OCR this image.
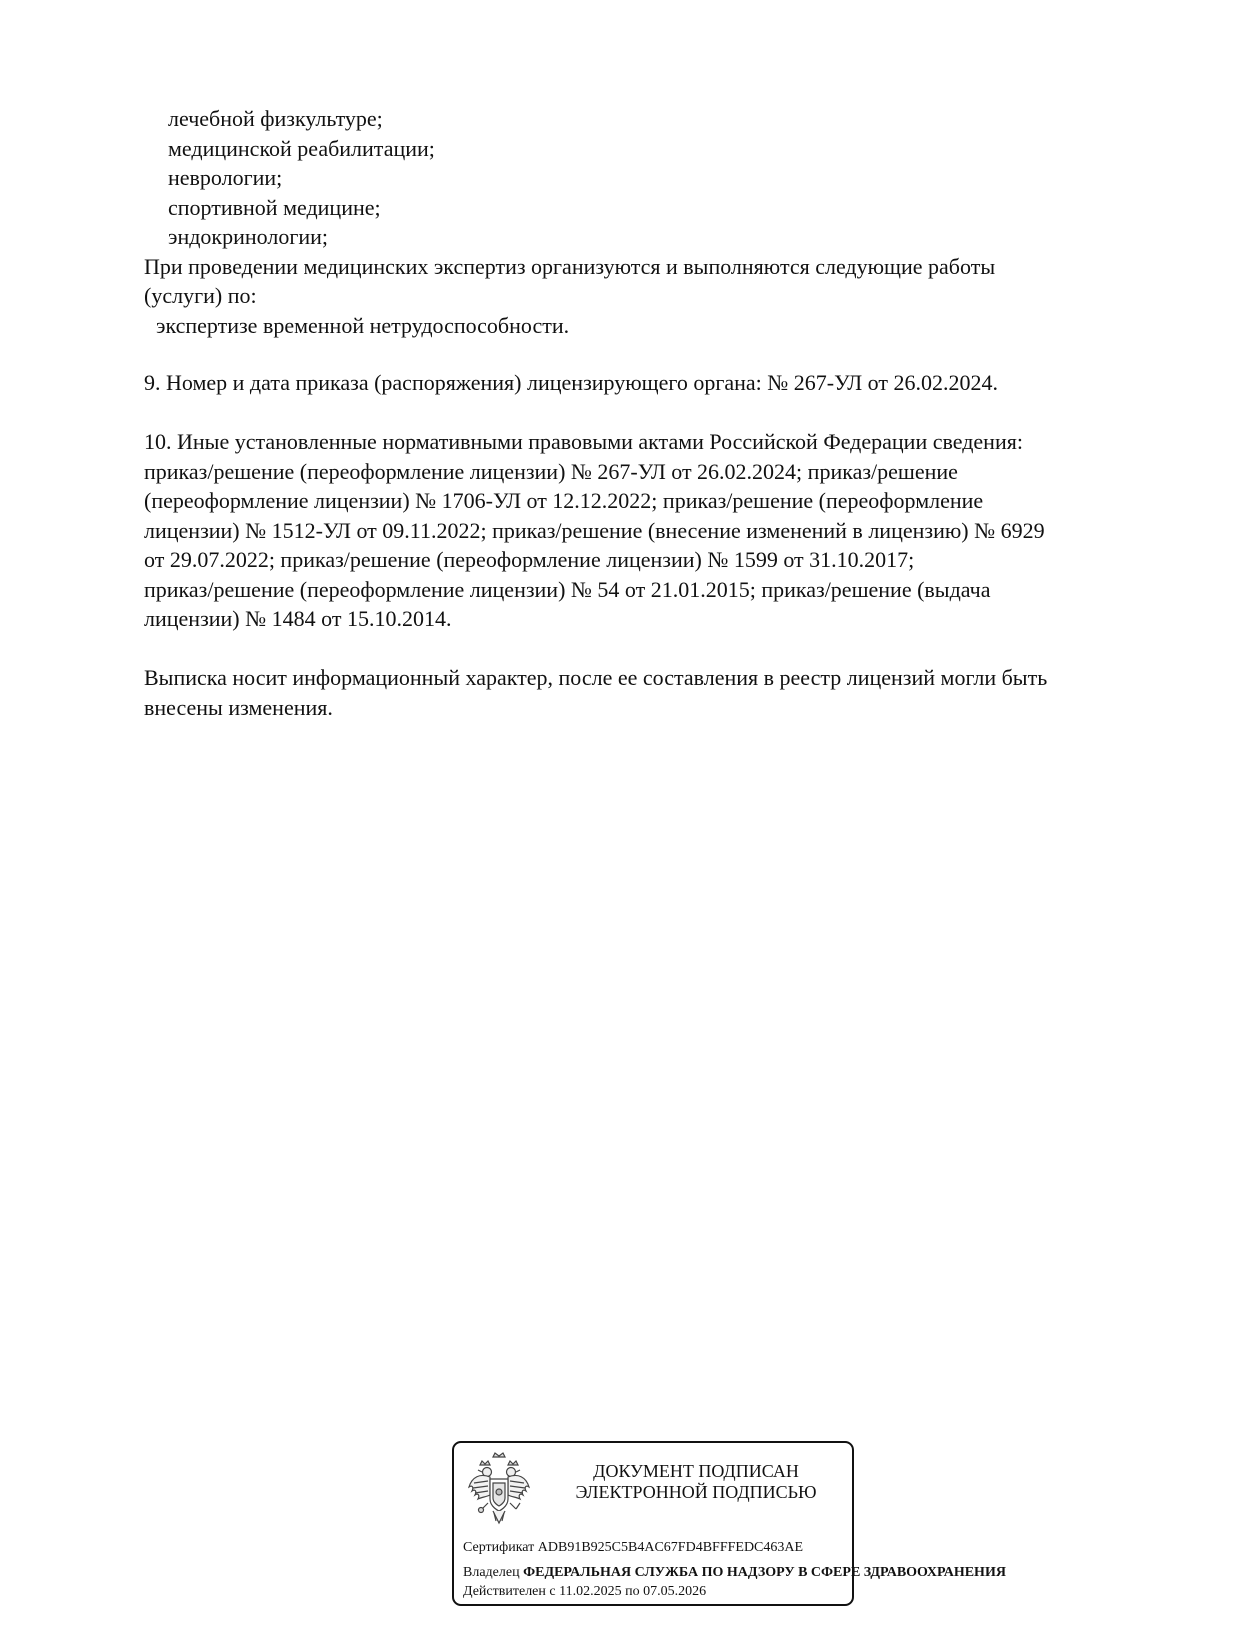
лечебной физкультуре;
медицинской реабилитации;
неврологии;
спортивной медицине;
эндокринологии;
При проведении медицинских экспертиз организуются и выполняются следующие работы
(услуги) по:
экспертизе временной нетрудоспособности.
9. Номер и дата приказа (распоряжения) лицензирующего органа: № 267-УЛ от 26.02.2024.
10. Иные установленные нормативными правовыми актами Российской Федерации сведения:
приказ/решение (переоформление лицензии) № 267-УЛ от 26.02.2024; приказ/решение
(переоформление лицензии) № 1706-УЛ от 12.12.2022; приказ/решение (переоформление
лицензии) № 1512-УЛ от 09.11.2022; приказ/решение (внесение изменений в лицензию) № 6929
от 29.07.2022; приказ/решение (переоформление лицензии) № 1599 от 31.10.2017;
приказ/решение (переоформление лицензии) № 54 от 21.01.2015; приказ/решение (выдача
лицензии) № 1484 от 15.10.2014.
Выписка носит информационный характер, после ее составления в реестр лицензий могли быть
внесены изменения.
ДОКУМЕНТ ПОДПИСАН
ЭЛЕКТРОННОЙ ПОДПИСЬЮ
Сертификат ADB91B925C5B4AC67FD4BFFFEDC463AE
Владелец ФЕДЕРАЛЬНАЯ СЛУЖБА ПО НАДЗОРУ В СФЕРЕ ЗДРАВООХРАНЕНИЯ
Действителен с 11.02.2025 по 07.05.2026
